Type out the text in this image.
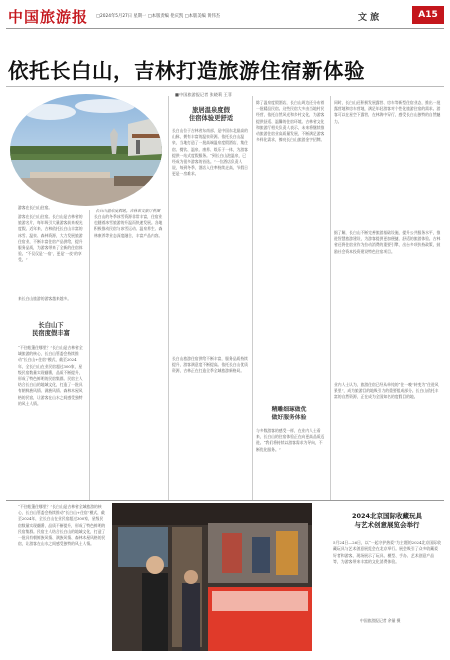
中国旅游报 □2024年5月27日 星期一 □本版责编 伦庆凯 □本版美编 黄伟杰	文 旅	A15
依托长白山，吉林打造旅游住宿新体验
■中国旅游报记者 张晓莉 王菲
游客在长白山住宿。
长白山温泉度假地。吉林省文旅厅供图
游客在长白山住宿。长白山是吉林省的旅游名片，每年吸引大量游客前来观光度假。近年来，吉林依托长白山丰富的冰雪、温泉、森林资源，大力发展旅游住宿业，不断丰富住宿产品供给，提升服务品质，为游客带来了全新的住宿体验。“不仅仅是‘一宿’，更是‘一夜’的享受。”
来长白山旅游的游客越来越多。
长白山下
民宿度假丰富
“不住帐篷住哪里？”长白山是吉林省全域旅游的核心，长白山管委会持续推动“长白山+住宿”模式，截至2024年，全长白山在业民宿超过300家，星级民宿数量实现翻番，品质不断提升，形成了特色鲜明的民宿集群。民宿主人结合长白山的地域文化，打造了一批具有朝鲜族风情、满族风情、森林木屋风格的民宿，让游客在山水之间感受独特的风土人情。
长白山的冬季冰雪资源非常丰富，住宿业也随着冰雪旅游的升温而快速发展。各地积极推动民宿与冰雪运动、温泉养生、森林康养等业态深度融合，丰富产品内容。
旅居温泉度假
住宿体验更舒适
长白山位于吉林省东南部，是中国东北最高的山脉，拥有丰富的温泉资源。依托长白山温泉，当地打造了一批高端温泉度假酒店，集住宿、餐饮、温泉、康养、娱乐于一体，为游客提供一站式度假服务。“到长白山泡温泉，已经成为很多游客的首选。”一位酒店负责人说，每到冬季，酒店入住率持续走高，节假日更是一房难求。
长白山旅游住宿供给不断丰富，服务品质持续提升，游客满意度不断提高。依托长白山优质资源，吉林正在打造全季全域旅游新格局。
除了温泉度假酒店，长白山周边还分布着一批精品民宿。这些民宿大多由当地村民经营，依托自然风光和乡村文化，为游客提供舒适、温馨的住宿环境。吉林省文化和旅游厅相关负责人表示，未来将继续推动旅游住宿业高质量发展，不断满足游客多样化需求，擦亮长白山旅游金字招牌。
精雕细琢做优
做好服务体验
与多数游客的感受一样，在业内人士看来，长白山的住宿体验正在向更高品质迈进。“我们将持续以游客需求为导向，不断优化服务。”
同时，长白山还积极发展露营、房车等新型住宿业态，推出一批露营地和房车营地，满足年轻游客对个性化旅游住宿的需求。游客可以在星空下露营，在林海中穿行，感受长白山独特的自然魅力。
据了解，长白山不断完善旅游基础设施，提升公共服务水平，推进智慧旅游建设，为游客提供更加便捷、舒适的旅游体验。吉林省还将住宿业作为拉动消费的重要引擎，出台多项扶持政策，鼓励社会资本投资建设特色住宿项目。
业内人士认为，旅游住宿已经从单纯的“住一晚”转变为“住进风景里”，成为旅游目的地吸引力的重要组成部分。长白山依托丰富的自然资源，正在成为全国知名的度假目的地。
“不住帐篷住哪里？”长白山是吉林省全域旅游的核心，长白山管委会持续推动“长白山+住宿”模式，截至2024年，全长白山在业民宿超过300家，星级民宿数量实现翻番，品质不断提升，形成了特色鲜明的民宿集群。民宿主人结合长白山的地域文化，打造了一批具有朝鲜族风情、满族风情、森林木屋风格的民宿，让游客在山水之间感受独特的风土人情。
2024北京国际收藏玩具
与艺术创意展览会举行
5月24日—26日，以“一起守护热爱”为主题的2024北京国际收藏玩具与艺术创意展览会在北京举行。展会吸引了众多收藏爱好者和游客，现场展示了玩具、模型、手办、艺术创意产品等，为游客带来丰富的文化消费体验。
中国旅游报记者 余量 摄
